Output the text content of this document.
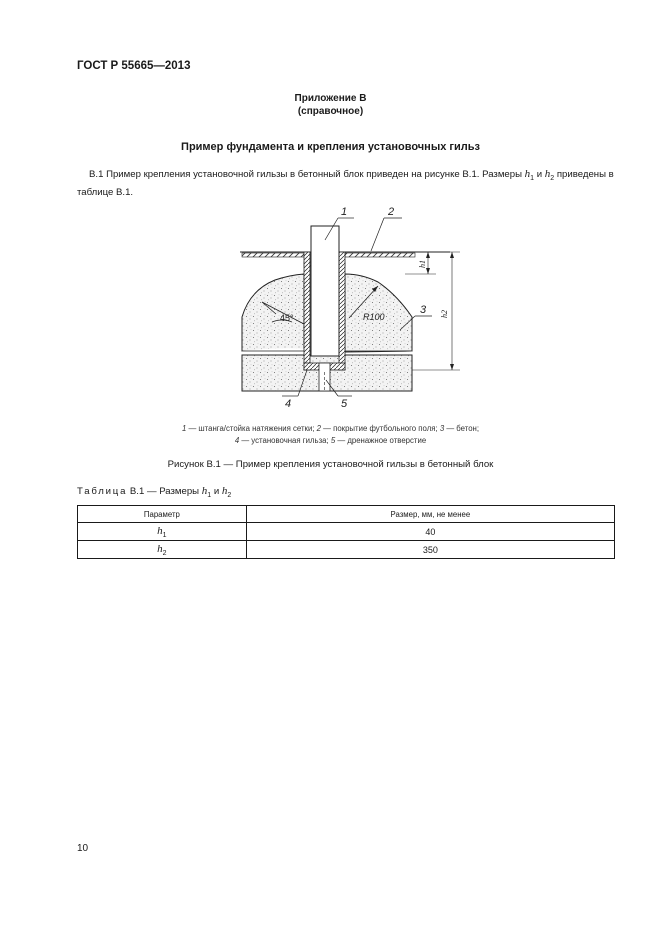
ГОСТ Р 55665—2013
Приложение В
(справочное)
Пример фундамента и крепления установочных гильз
В.1 Пример крепления установочной гильзы в бетонный блок приведен на рисунке В.1. Размеры $h_1$ и $h_2$ приведены в таблице В.1.
45°	R100
h1
h2
1	2
3
4	5
1 — штанга/стойка натяжения сетки; 2 — покрытие футбольного поля; 3 — бетон;
4 — установочная гильза; 5 — дренажное отверстие
Рисунок В.1 — Пример крепления установочной гильзы в бетонный блок
Таблица В.1 — Размеры $h_1$ и $h_2$
Параметр	Размер, мм, не менее
$h_1$	40
$h_2$	350
10
